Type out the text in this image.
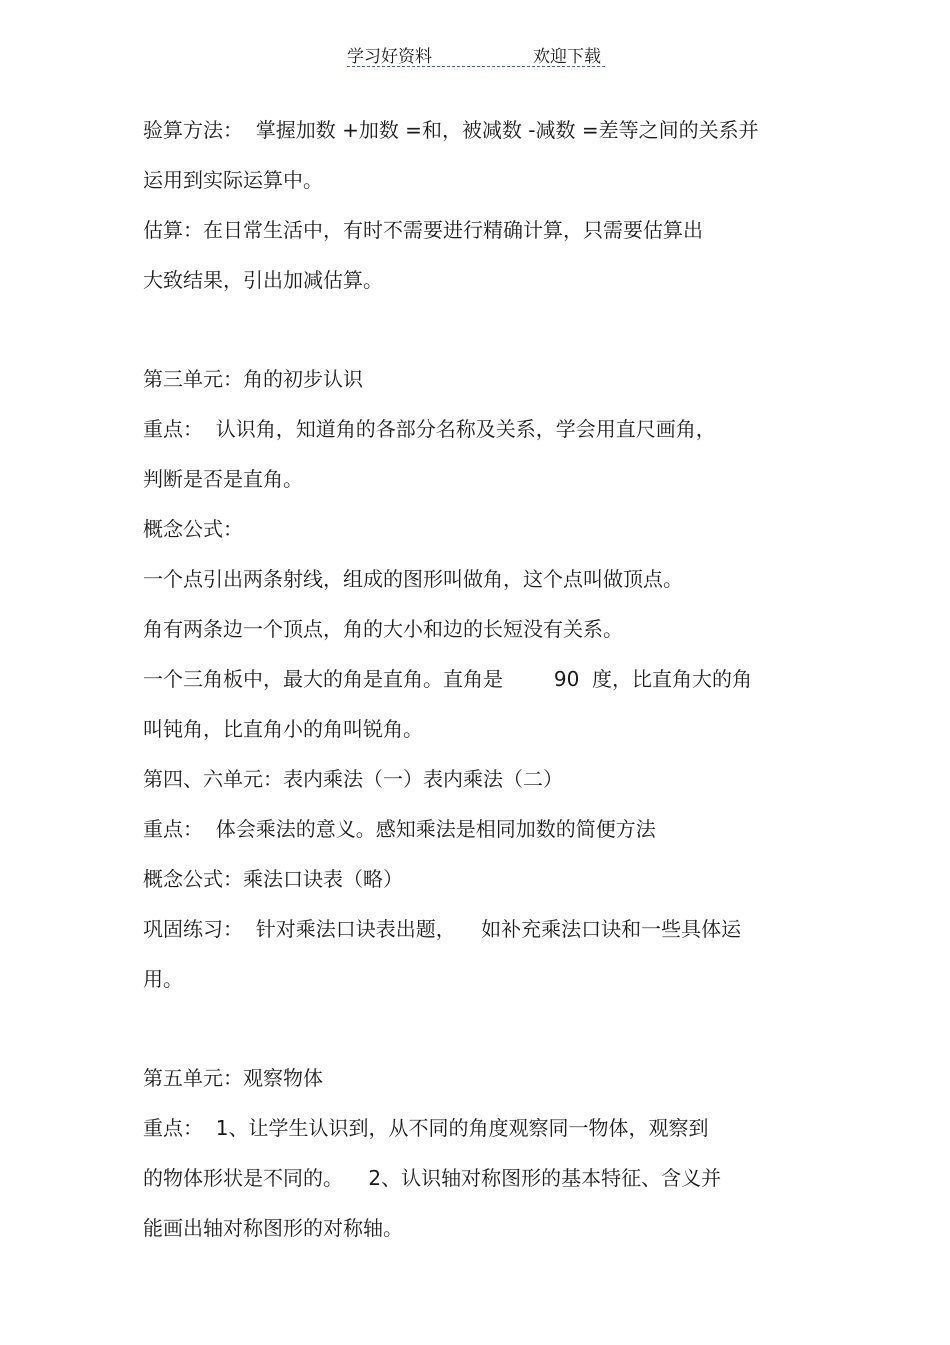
学习好资料	欢迎下载
验算方法：  掌握加数 +加数 =和，被减数 -减数 =差等之间的关系并
运用到实际运算中。
估算：在日常生活中，有时不需要进行精确计算，只需要估算出
大致结果，引出加减估算。
第三单元：角的初步认识
重点：  认识角，知道角的各部分名称及关系，学会用直尺画角，
判断是否是直角。
概念公式：
一个点引出两条射线，组成的图形叫做角，这个点叫做顶点。
角有两条边一个顶点，角的大小和边的长短没有关系。
一个三角板中，最大的角是直角。直角是        90  度，比直角大的角
叫钝角，比直角小的角叫锐角。
第四、六单元：表内乘法（一）表内乘法（二）
重点：  体会乘法的意义。感知乘法是相同加数的简便方法
概念公式：乘法口诀表（略）
巩固练习：  针对乘法口诀表出题，    如补充乘法口诀和一些具体运
用。
第五单元：观察物体
重点：  1、让学生认识到，从不同的角度观察同一物体，观察到
的物体形状是不同的。    2、认识轴对称图形的基本特征、含义并
能画出轴对称图形的对称轴。
